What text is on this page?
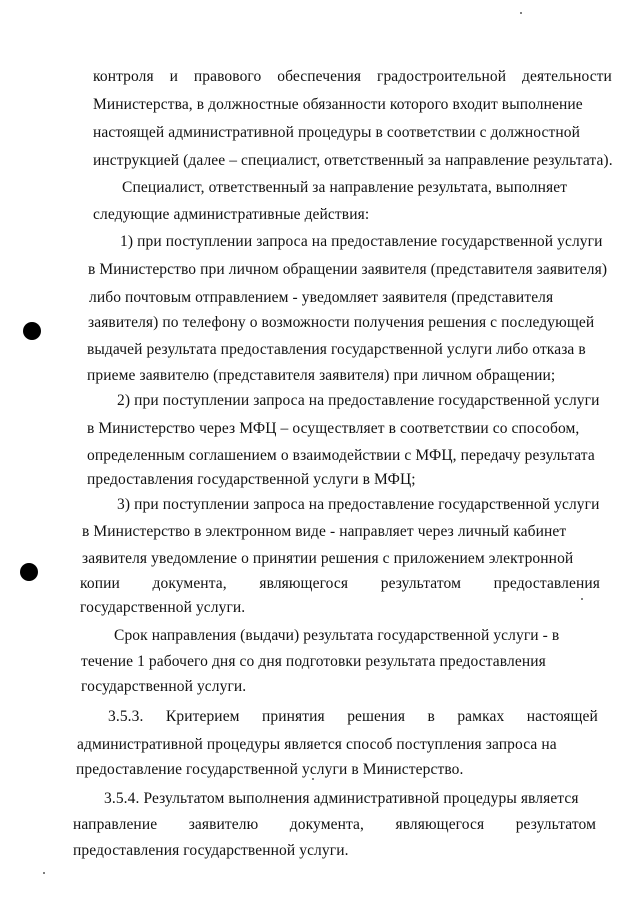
контроля и правового обеспечения градостроительной деятельности
Министерства, в должностные обязанности которого входит выполнение
настоящей административной процедуры в соответствии с должностной
инструкцией (далее – специалист, ответственный за направление результата).
Специалист, ответственный за направление результата, выполняет
следующие административные действия:
1) при поступлении запроса на предоставление государственной услуги
в Министерство при личном обращении заявителя (представителя заявителя)
либо почтовым отправлением - уведомляет заявителя (представителя
заявителя) по телефону о возможности получения решения с последующей
выдачей результата предоставления государственной услуги либо отказа в
приеме заявителю (представителя заявителя) при личном обращении;
2) при поступлении запроса на предоставление государственной услуги
в Министерство через МФЦ – осуществляет в соответствии со способом,
определенным соглашением о взаимодействии с МФЦ, передачу результата
предоставления государственной услуги в МФЦ;
3) при поступлении запроса на предоставление государственной услуги
в Министерство в электронном виде - направляет через личный кабинет
заявителя уведомление о принятии решения с приложением электронной
копии документа, являющегося результатом предоставления
государственной услуги.
Срок направления (выдачи) результата государственной услуги - в
течение 1 рабочего дня со дня подготовки результата предоставления
государственной услуги.
3.5.3. Критерием принятия решения в рамках настоящей
административной процедуры является способ поступления запроса на
предоставление государственной услуги в Министерство.
3.5.4. Результатом выполнения административной процедуры является
направление заявителю документа, являющегося результатом
предоставления государственной услуги.
